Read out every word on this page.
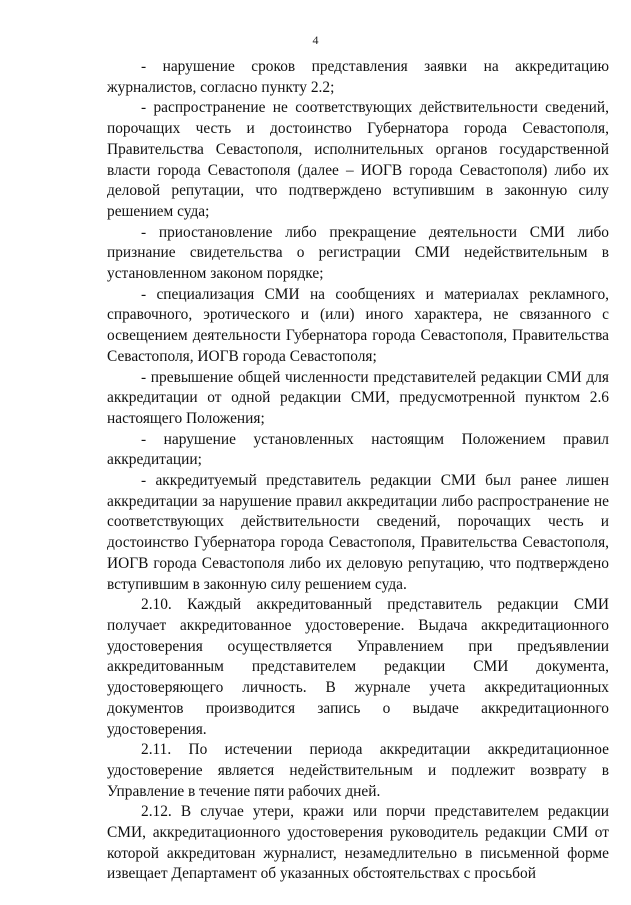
4

- нарушение сроков представления заявки на аккредитацию журналистов, согласно пункту 2.2;

- распространение не соответствующих действительности сведений, порочащих честь и достоинство Губернатора города Севастополя, Правительства Севастополя, исполнительных органов государственной власти города Севастополя (далее – ИОГВ города Севастополя) либо их деловой репутации, что подтверждено вступившим в законную силу решением суда;

- приостановление либо прекращение деятельности СМИ либо признание свидетельства о регистрации СМИ недействительным в установленном законом порядке;

- специализация СМИ на сообщениях и материалах рекламного, справочного, эротического и (или) иного характера, не связанного с освещением деятельности Губернатора города Севастополя, Правительства Севастополя, ИОГВ города Севастополя;

- превышение общей численности представителей редакции СМИ для аккредитации от одной редакции СМИ, предусмотренной пунктом 2.6 настоящего Положения;

- нарушение установленных настоящим Положением правил аккредитации;

- аккредитуемый представитель редакции СМИ был ранее лишен аккредитации за нарушение правил аккредитации либо распространение не соответствующих действительности сведений, порочащих честь и достоинство Губернатора города Севастополя, Правительства Севастополя, ИОГВ города Севастополя либо их деловую репутацию, что подтверждено вступившим в законную силу решением суда.

2.10. Каждый аккредитованный представитель редакции СМИ получает аккредитованное удостоверение. Выдача аккредитационного удостоверения осуществляется Управлением при предъявлении аккредитованным представителем редакции СМИ документа, удостоверяющего личность. В журнале учета аккредитационных документов производится запись о выдаче аккредитационного удостоверения.

2.11. По истечении периода аккредитации аккредитационное удостоверение является недействительным и подлежит возврату в Управление в течение пяти рабочих дней.

2.12. В случае утери, кражи или порчи представителем редакции СМИ, аккредитационного удостоверения руководитель редакции СМИ от которой аккредитован журналист, незамедлительно в письменной форме извещает Департамент об указанных обстоятельствах с просьбой
